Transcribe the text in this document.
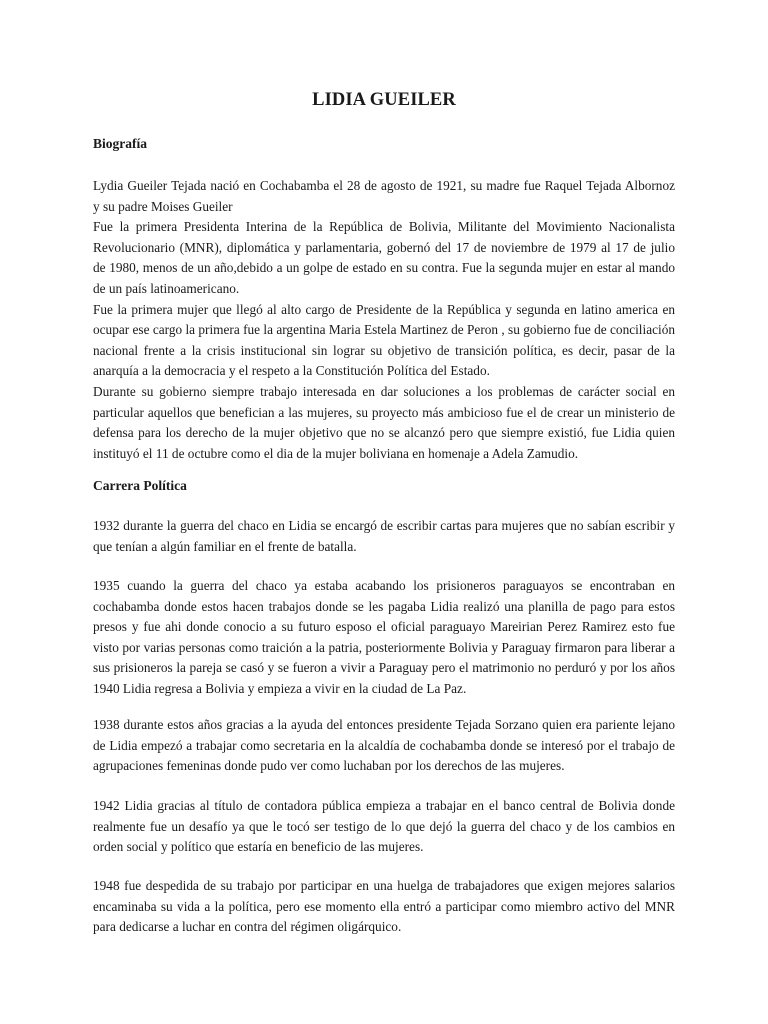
LIDIA GUEILER
Biografía
Lydia Gueiler Tejada nació en Cochabamba el 28 de agosto de 1921, su madre fue Raquel Tejada Albornoz
y su padre Moises Gueiler
Fue la primera Presidenta Interina de la República de Bolivia, Militante del Movimiento Nacionalista
Revolucionario (MNR), diplomática y parlamentaria, gobernó del 17 de noviembre de 1979 al 17 de julio
de 1980, menos de un año,debido a un golpe de estado en su contra. Fue la segunda mujer en estar al mando
de un país latinoamericano.
Fue la primera mujer que llegó al alto cargo de Presidente de la República y segunda en latino america en
ocupar ese cargo la primera fue la argentina Maria Estela Martinez de Peron , su gobierno fue de conciliación
nacional frente a la crisis institucional sin lograr su objetivo de transición política, es decir, pasar de la
anarquía a la democracia y el respeto a la Constitución Política del Estado.
Durante su gobierno siempre trabajo interesada en dar soluciones a los problemas de carácter social en
particular aquellos que benefician a las mujeres, su proyecto más ambicioso fue el de crear un ministerio de
defensa para los derecho de la mujer objetivo que no se alcanzó pero que siempre existió, fue Lidia quien
instituyó el 11 de octubre como el dia de la mujer boliviana en homenaje a Adela Zamudio.
Carrera Política
1932 durante la guerra del chaco en Lidia se encargó de escribir cartas para mujeres que no sabían escribir y
que tenían a algún familiar en el frente de batalla.
1935 cuando la guerra del chaco ya estaba acabando los prisioneros paraguayos se encontraban en
cochabamba donde estos hacen trabajos donde se les pagaba Lidia realizó una planilla de pago para estos
presos y fue ahi donde conocio a su futuro esposo el oficial paraguayo Mareirian Perez Ramirez esto fue
visto por varias personas como traición a la patria, posteriormente Bolivia y Paraguay firmaron para liberar a
sus prisioneros la pareja se casó y se fueron a vivir a Paraguay pero el matrimonio no perduró y por los años
1940 Lidia regresa a Bolivia y empieza a vivir en la ciudad de La Paz.
1938 durante estos años gracias a la ayuda del entonces presidente Tejada Sorzano quien era pariente lejano
de Lidia empezó a trabajar como secretaria en la alcaldía de cochabamba donde se interesó por el trabajo de
agrupaciones femeninas donde pudo ver como luchaban por los derechos de las mujeres.
1942 Lidia gracias al título de contadora pública empieza a trabajar en el banco central de Bolivia donde
realmente fue un desafío ya que le tocó ser testigo de lo que dejó la guerra del chaco y de los cambios en
orden social y político que estaría en beneficio de las mujeres.
1948 fue despedida de su trabajo por participar en una huelga de trabajadores que exigen mejores salarios
encaminaba su vida a la política, pero ese momento ella entró a participar como miembro activo del MNR
para dedicarse a luchar en contra del régimen oligárquico.
